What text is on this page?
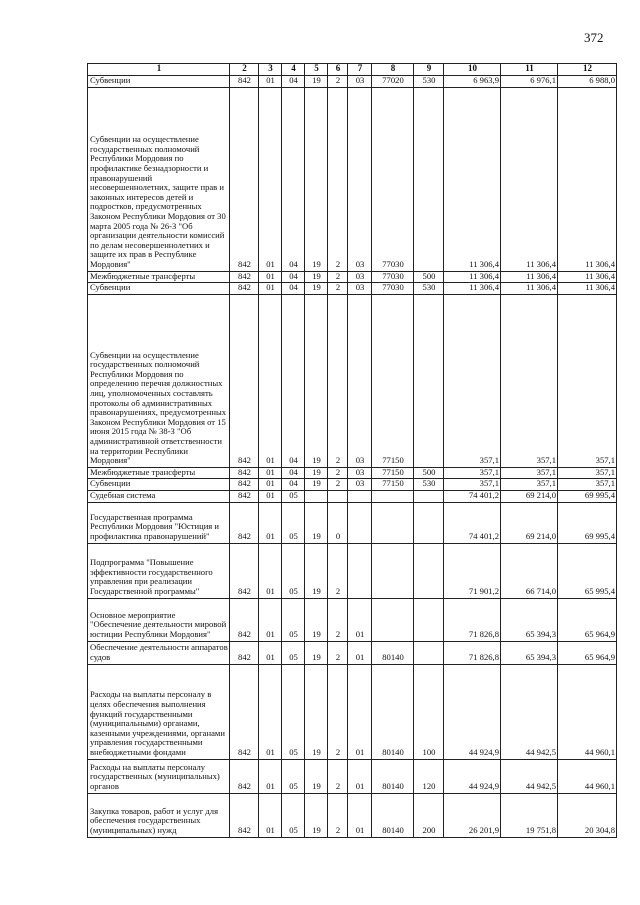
372
1	2	3	4	5	6	7	8	9	10	11	12
Субвенции	842	01	04	19	2	03	77020	530	6 963,9	6 976,1	6 988,0
Субвенции на осуществление государственных полномочий Республики Мордовия по профилактике безнадзорности и правонарушений несовершеннолетних, защите прав и законных интересов детей и подростков, предусмотренных Законом Республики Мордовия от 30 марта 2005 года № 26-З "Об организации деятельности комиссий по делам несовершеннолетних и защите их прав в Республике Мордовия"	842	01	04	19	2	03	77030		11 306,4	11 306,4	11 306,4
Межбюджетные трансферты	842	01	04	19	2	03	77030	500	11 306,4	11 306,4	11 306,4
Субвенции	842	01	04	19	2	03	77030	530	11 306,4	11 306,4	11 306,4
Субвенции на осуществление государственных полномочий Республики Мордовия по определению перечня должностных лиц, уполномоченных составлять протоколы об административных правонарушениях, предусмотренных Законом Республики Мордовия от 15 июня 2015 года № 38-З "Об административной ответственности на территории Республики Мордовия"	842	01	04	19	2	03	77150		357,1	357,1	357,1
Межбюджетные трансферты	842	01	04	19	2	03	77150	500	357,1	357,1	357,1
Субвенции	842	01	04	19	2	03	77150	530	357,1	357,1	357,1
Судебная система	842	01	05						74 401,2	69 214,0	69 995,4
Государственная программа Республики Мордовия "Юстиция и профилактика правонарушений"	842	01	05	19	0				74 401,2	69 214,0	69 995,4
Подпрограмма "Повышение эффективности государственного управления при реализации Государственной программы"	842	01	05	19	2				71 901,2	66 714,0	65 995,4
Основное мероприятие "Обеспечение деятельности мировой юстиции Республики Мордовия"	842	01	05	19	2	01			71 826,8	65 394,3	65 964,9
Обеспечение деятельности аппаратов судов	842	01	05	19	2	01	80140		71 826,8	65 394,3	65 964,9
Расходы на выплаты персоналу в целях обеспечения выполнения функций государственными (муниципальными) органами, казенными учреждениями, органами управления государственными внебюджетными фондами	842	01	05	19	2	01	80140	100	44 924,9	44 942,5	44 960,1
Расходы на выплаты персоналу государственных (муниципальных) органов	842	01	05	19	2	01	80140	120	44 924,9	44 942,5	44 960,1
Закупка товаров, работ и услуг для обеспечения государственных (муниципальных) нужд	842	01	05	19	2	01	80140	200	26 201,9	19 751,8	20 304,8
